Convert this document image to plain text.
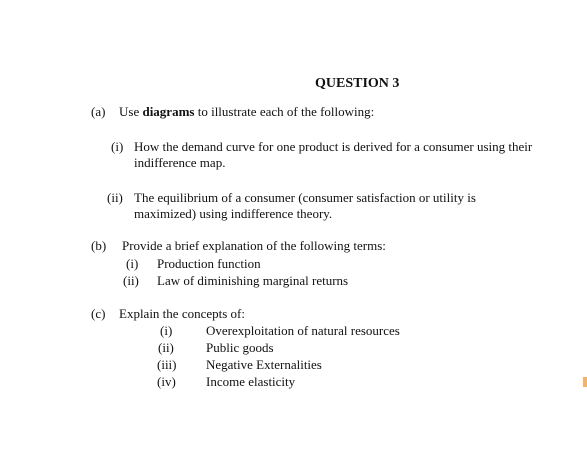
QUESTION 3
(a) Use diagrams to illustrate each of the following:
(i) How the demand curve for one product is derived for a consumer using their
indifference map.
(ii) The equilibrium of a consumer (consumer satisfaction or utility is
maximized) using indifference theory.
(b) Provide a brief explanation of the following terms:
(i) Production function
(ii) Law of diminishing marginal returns
(c) Explain the concepts of:
(i)	Overexploitation of natural resources
(ii) Public goods
(iii) Negative Externalities
(iv) Income elasticity
